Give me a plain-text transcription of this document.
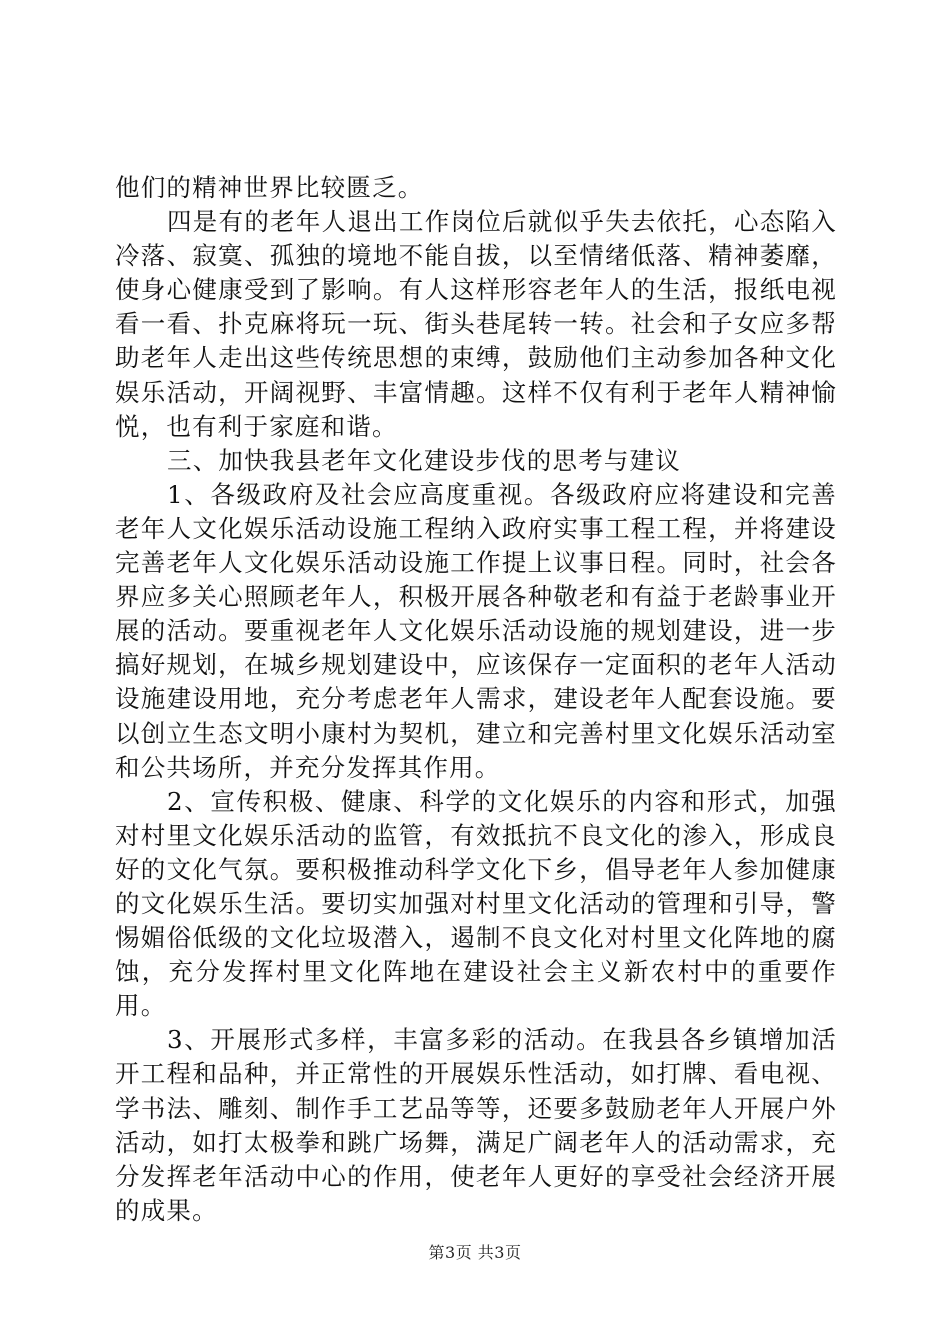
他们的精神世界比较匮乏。

四是有的老年人退出工作岗位后就似乎失去依托，心态陷入冷落、寂寞、孤独的境地不能自拔，以至情绪低落、精神萎靡，使身心健康受到了影响。有人这样形容老年人的生活，报纸电视看一看、扑克麻将玩一玩、街头巷尾转一转。社会和子女应多帮助老年人走出这些传统思想的束缚，鼓励他们主动参加各种文化娱乐活动，开阔视野、丰富情趣。这样不仅有利于老年人精神愉悦，也有利于家庭和谐。

三、加快我县老年文化建设步伐的思考与建议

1、各级政府及社会应高度重视。各级政府应将建设和完善老年人文化娱乐活动设施工程纳入政府实事工程工程，并将建设完善老年人文化娱乐活动设施工作提上议事日程。同时，社会各界应多关心照顾老年人，积极开展各种敬老和有益于老龄事业开展的活动。要重视老年人文化娱乐活动设施的规划建设，进一步搞好规划，在城乡规划建设中，应该保存一定面积的老年人活动设施建设用地，充分考虑老年人需求，建设老年人配套设施。要以创立生态文明小康村为契机，建立和完善村里文化娱乐活动室和公共场所，并充分发挥其作用。

2、宣传积极、健康、科学的文化娱乐的内容和形式，加强对村里文化娱乐活动的监管，有效抵抗不良文化的渗入，形成良好的文化气氛。要积极推动科学文化下乡，倡导老年人参加健康的文化娱乐生活。要切实加强对村里文化活动的管理和引导，警惕媚俗低级的文化垃圾潜入，遏制不良文化对村里文化阵地的腐蚀，充分发挥村里文化阵地在建设社会主义新农村中的重要作用。

3、开展形式多样，丰富多彩的活动。在我县各乡镇增加活开工程和品种，并正常性的开展娱乐性活动，如打牌、看电视、学书法、雕刻、制作手工艺品等等，还要多鼓励老年人开展户外活动，如打太极拳和跳广场舞，满足广阔老年人的活动需求，充分发挥老年活动中心的作用，使老年人更好的享受社会经济开展的成果。

第3页 共3页
